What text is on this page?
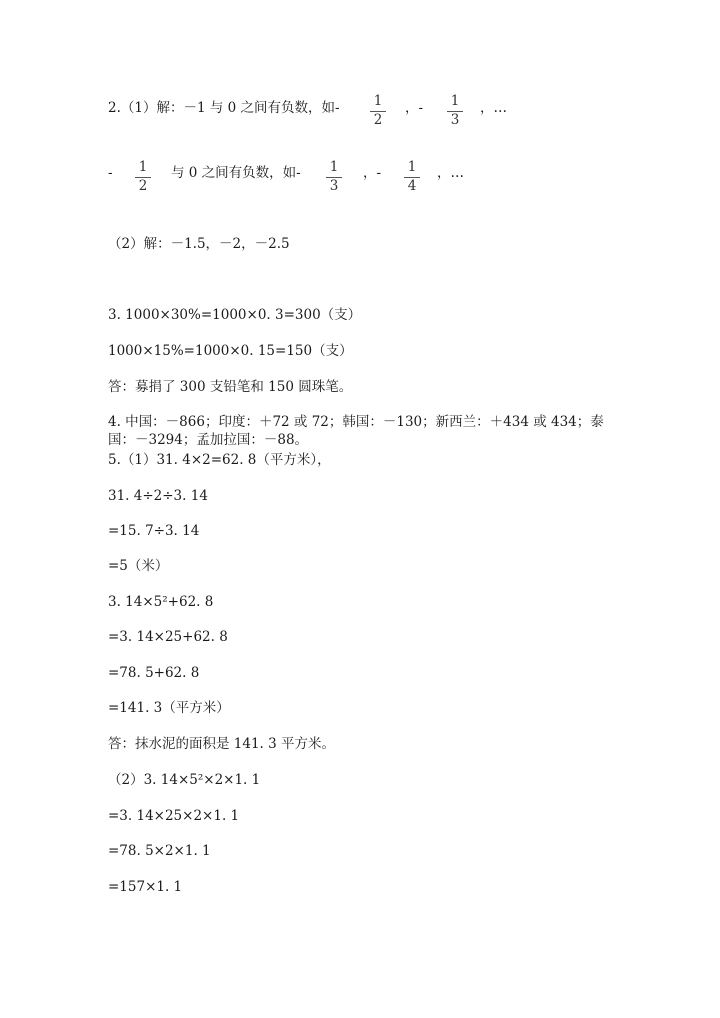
2.（1）解：－1 与 0 之间有负数，如-	1
2
，- 1
3
，…
- 1
2
与 0 之间有负数，如- 1
3
，- 1
4
，…
（2）解：－1.5，－2，－2.5
3. 1000×30%=1000×0. 3=300（支）
1000×15%=1000×0. 15=150（支）
答：募捐了 300 支铅笔和 150 圆珠笔。
4. 中国：－866；印度：＋72 或 72；韩国：－130；新西兰：＋434 或 434；泰
国：－3294；孟加拉国：－88。
5.（1）31. 4×2=62. 8（平方米），
31. 4÷2÷3. 14
=15. 7÷3. 14
=5（米）
3. 14×5²+62. 8
=3. 14×25+62. 8
=78. 5+62. 8
=141. 3（平方米）
答：抹水泥的面积是 141. 3 平方米。
（2）3. 14×5²×2×1. 1
=3. 14×25×2×1. 1
=78. 5×2×1. 1
=157×1. 1
